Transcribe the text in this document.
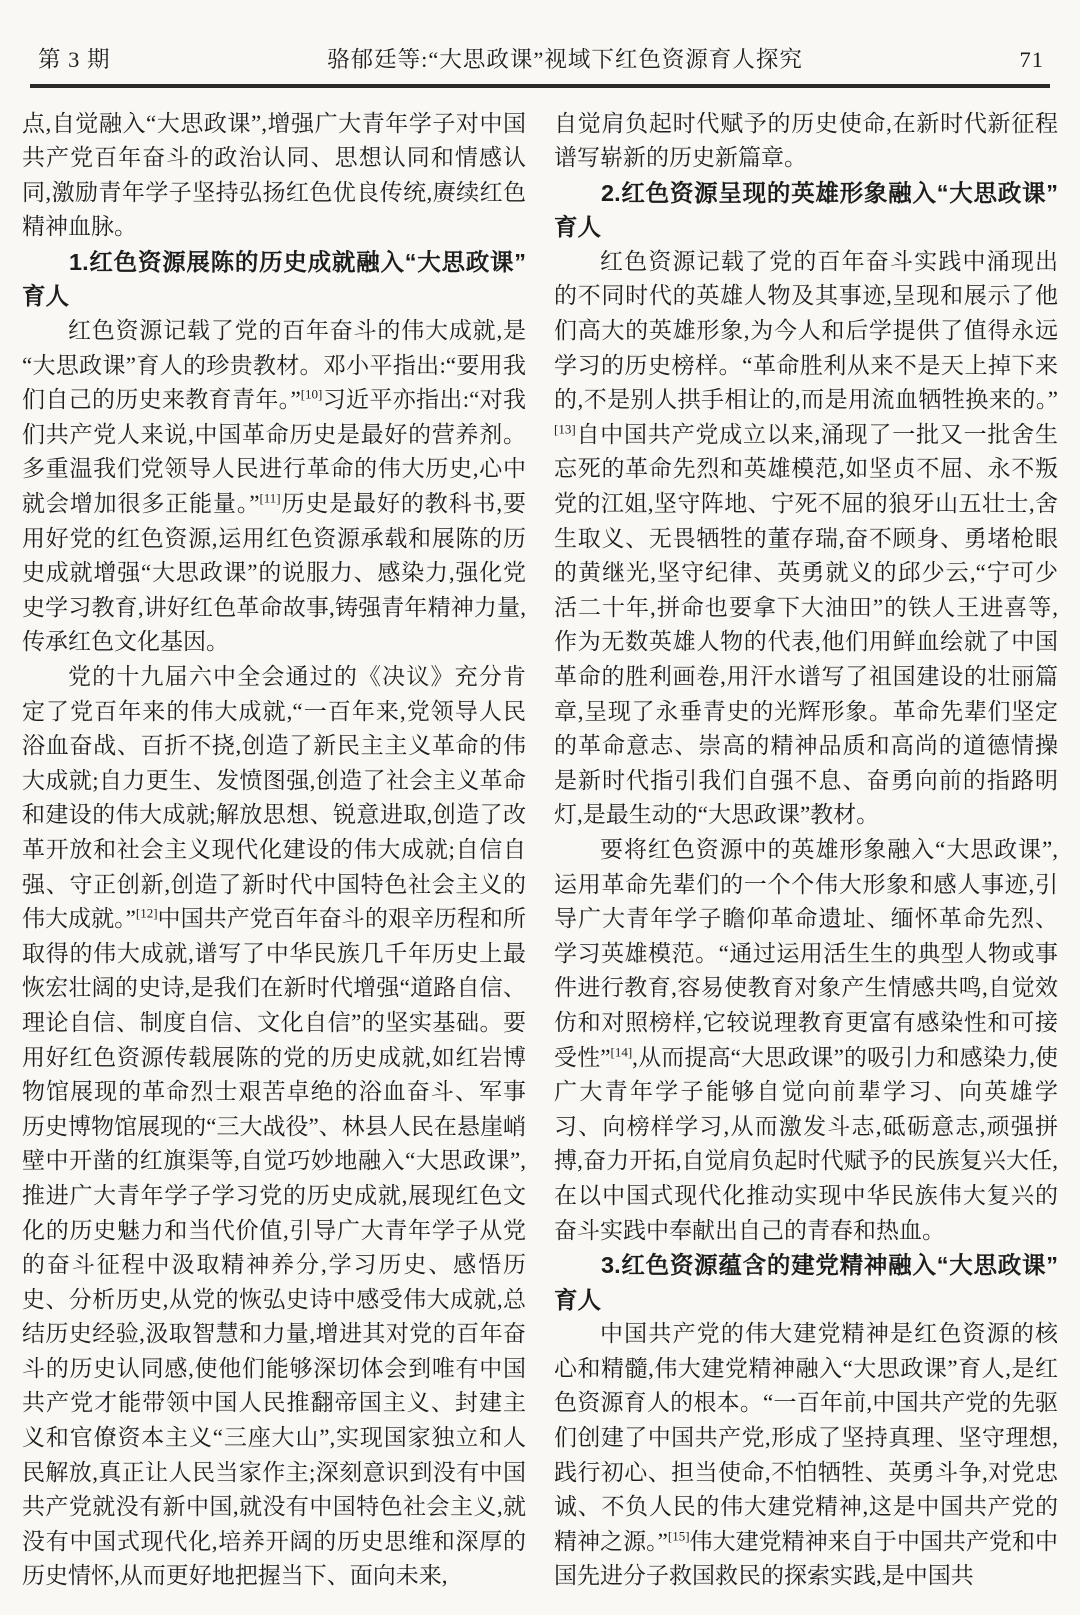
第 3 期	骆郁廷等:“大思政课”视域下红色资源育人探究	71

点,自觉融入“大思政课”,增强广大青年学子对中国共产党百年奋斗的政治认同、思想认同和情感认同,激励青年学子坚持弘扬红色优良传统,赓续红色精神血脉。

1.红色资源展陈的历史成就融入“大思政课”育人

红色资源记载了党的百年奋斗的伟大成就,是“大思政课”育人的珍贵教材。邓小平指出:“要用我们自己的历史来教育青年。”[10]习近平亦指出:“对我们共产党人来说,中国革命历史是最好的营养剂。多重温我们党领导人民进行革命的伟大历史,心中就会增加很多正能量。”[11]历史是最好的教科书,要用好党的红色资源,运用红色资源承载和展陈的历史成就增强“大思政课”的说服力、感染力,强化党史学习教育,讲好红色革命故事,铸强青年精神力量,传承红色文化基因。

党的十九届六中全会通过的《决议》充分肯定了党百年来的伟大成就,“一百年来,党领导人民浴血奋战、百折不挠,创造了新民主主义革命的伟大成就;自力更生、发愤图强,创造了社会主义革命和建设的伟大成就;解放思想、锐意进取,创造了改革开放和社会主义现代化建设的伟大成就;自信自强、守正创新,创造了新时代中国特色社会主义的伟大成就。”[12]中国共产党百年奋斗的艰辛历程和所取得的伟大成就,谱写了中华民族几千年历史上最恢宏壮阔的史诗,是我们在新时代增强“道路自信、理论自信、制度自信、文化自信”的坚实基础。要用好红色资源传载展陈的党的历史成就,如红岩博物馆展现的革命烈士艰苦卓绝的浴血奋斗、军事历史博物馆展现的“三大战役”、林县人民在悬崖峭壁中开凿的红旗渠等,自觉巧妙地融入“大思政课”,推进广大青年学子学习党的历史成就,展现红色文化的历史魅力和当代价值,引导广大青年学子从党的奋斗征程中汲取精神养分,学习历史、感悟历史、分析历史,从党的恢弘史诗中感受伟大成就,总结历史经验,汲取智慧和力量,增进其对党的百年奋斗的历史认同感,使他们能够深切体会到唯有中国共产党才能带领中国人民推翻帝国主义、封建主义和官僚资本主义“三座大山”,实现国家独立和人民解放,真正让人民当家作主;深刻意识到没有中国共产党就没有新中国,就没有中国特色社会主义,就没有中国式现代化,培养开阔的历史思维和深厚的历史情怀,从而更好地把握当下、面向未来,

自觉肩负起时代赋予的历史使命,在新时代新征程谱写崭新的历史新篇章。

2.红色资源呈现的英雄形象融入“大思政课”育人

红色资源记载了党的百年奋斗实践中涌现出的不同时代的英雄人物及其事迹,呈现和展示了他们高大的英雄形象,为今人和后学提供了值得永远学习的历史榜样。“革命胜利从来不是天上掉下来的,不是别人拱手相让的,而是用流血牺牲换来的。”[13]自中国共产党成立以来,涌现了一批又一批舍生忘死的革命先烈和英雄模范,如坚贞不屈、永不叛党的江姐,坚守阵地、宁死不屈的狼牙山五壮士,舍生取义、无畏牺牲的董存瑞,奋不顾身、勇堵枪眼的黄继光,坚守纪律、英勇就义的邱少云,“宁可少活二十年,拼命也要拿下大油田”的铁人王进喜等,作为无数英雄人物的代表,他们用鲜血绘就了中国革命的胜利画卷,用汗水谱写了祖国建设的壮丽篇章,呈现了永垂青史的光辉形象。革命先辈们坚定的革命意志、崇高的精神品质和高尚的道德情操是新时代指引我们自强不息、奋勇向前的指路明灯,是最生动的“大思政课”教材。

要将红色资源中的英雄形象融入“大思政课”,运用革命先辈们的一个个伟大形象和感人事迹,引导广大青年学子瞻仰革命遗址、缅怀革命先烈、学习英雄模范。“通过运用活生生的典型人物或事件进行教育,容易使教育对象产生情感共鸣,自觉效仿和对照榜样,它较说理教育更富有感染性和可接受性”[14],从而提高“大思政课”的吸引力和感染力,使广大青年学子能够自觉向前辈学习、向英雄学习、向榜样学习,从而激发斗志,砥砺意志,顽强拼搏,奋力开拓,自觉肩负起时代赋予的民族复兴大任,在以中国式现代化推动实现中华民族伟大复兴的奋斗实践中奉献出自己的青春和热血。

3.红色资源蕴含的建党精神融入“大思政课”育人

中国共产党的伟大建党精神是红色资源的核心和精髓,伟大建党精神融入“大思政课”育人,是红色资源育人的根本。“一百年前,中国共产党的先驱们创建了中国共产党,形成了坚持真理、坚守理想,践行初心、担当使命,不怕牺牲、英勇斗争,对党忠诚、不负人民的伟大建党精神,这是中国共产党的精神之源。”[15]伟大建党精神来自于中国共产党和中国先进分子救国救民的探索实践,是中国共
